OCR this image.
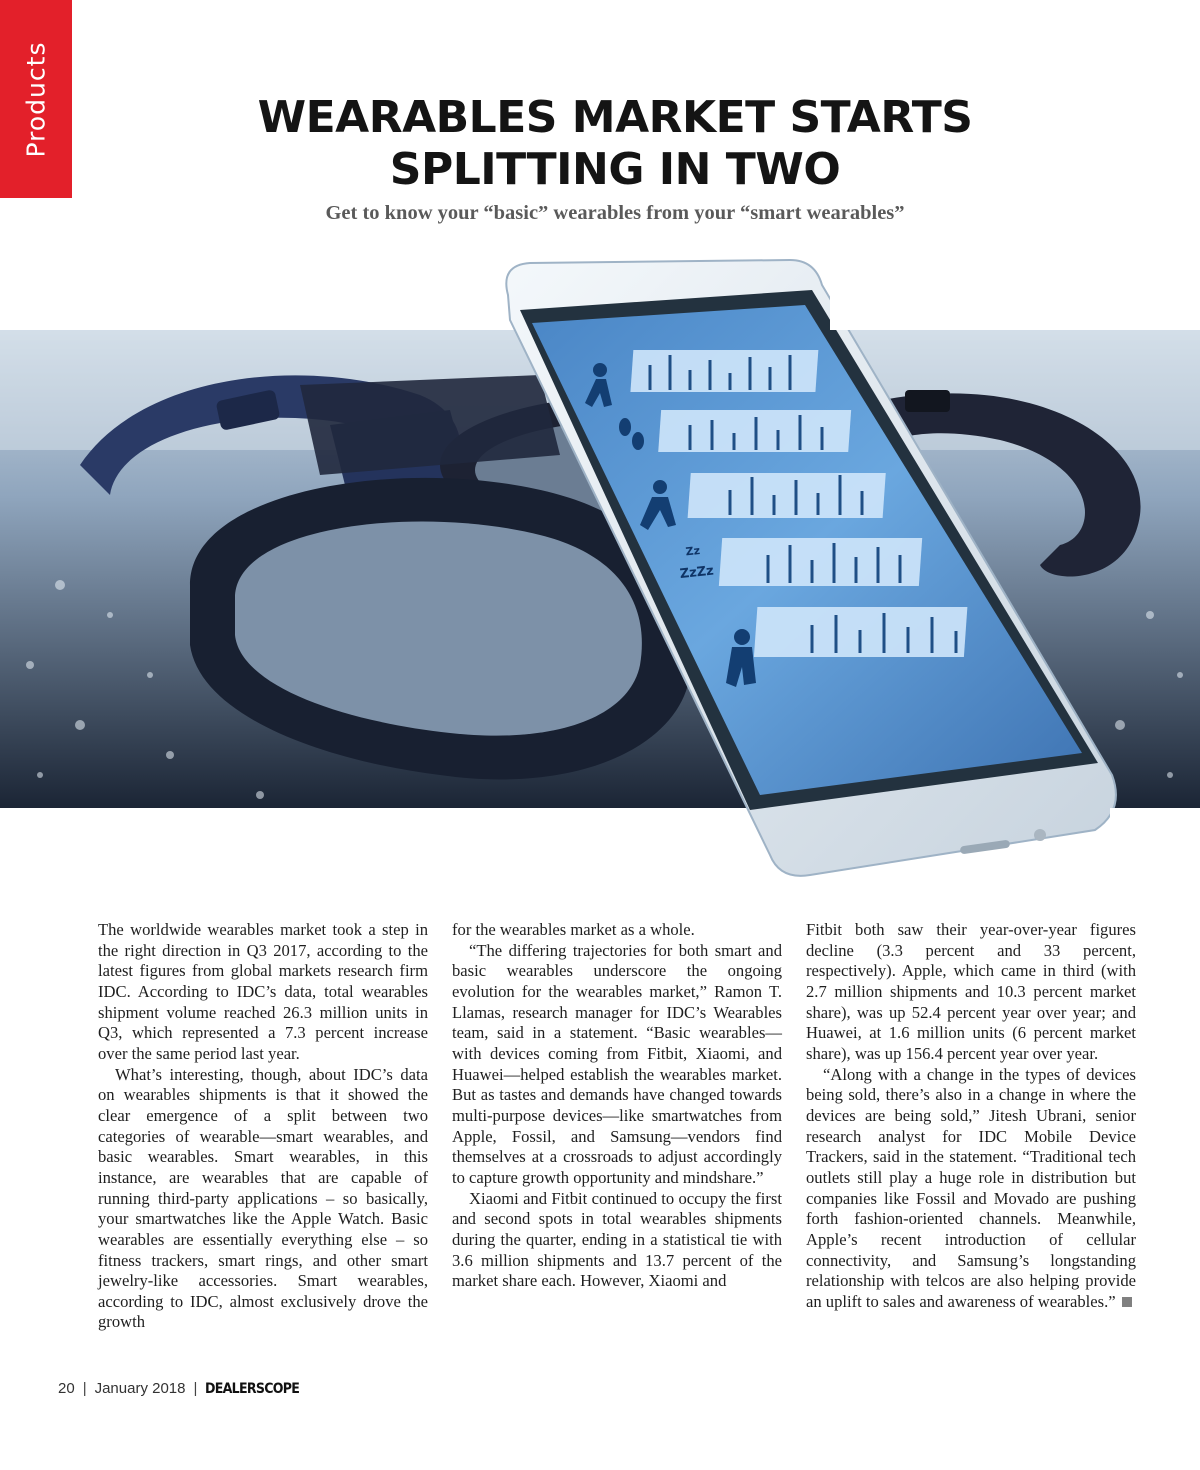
Products	WEARABLES MARKET STARTS
SPLITTING IN TWO

Get to know your “basic” wearables from your “smart wearables”

ZzZz
Zz

The worldwide wearables market took a step in the right direction in Q3 2017, according to the latest figures from global markets research firm IDC. According to IDC’s data, total wearables shipment volume reached 26.3 million units in Q3, which represented a 7.3 percent increase over the same period last year.

What’s interesting, though, about IDC’s data on wearables shipments is that it showed the clear emergence of a split between two categories of wearable—smart wearables, and basic wearables. Smart wearables, in this instance, are wearables that are capable of running third-party applications – so basically, your smartwatches like the Apple Watch. Basic wearables are essentially everything else – so fitness trackers, smart rings, and other smart jewelry-like accessories. Smart wearables, according to IDC, almost exclusively drove the growth

for the wearables market as a whole.

“The differing trajectories for both smart and basic wearables underscore the ongoing evolution for the wearables market,” Ramon T. Llamas, research manager for IDC’s Wearables team, said in a statement. “Basic wearables—with devices coming from Fitbit, Xiaomi, and Huawei—helped establish the wearables market. But as tastes and demands have changed towards multi-purpose devices—like smartwatches from Apple, Fossil, and Samsung—vendors find themselves at a crossroads to adjust accordingly to capture growth opportunity and mindshare.”

Xiaomi and Fitbit continued to occupy the first and second spots in total wearables shipments during the quarter, ending in a statistical tie with 3.6 million shipments and 13.7 percent of the market share each. However, Xiaomi and

Fitbit both saw their year-over-year figures decline (3.3 percent and 33 percent, respectively). Apple, which came in third (with 2.7 million shipments and 10.3 percent market share), was up 52.4 percent year over year; and Huawei, at 1.6 million units (6 percent market share), was up 156.4 percent year over year.

“Along with a change in the types of devices being sold, there’s also in a change in where the devices are being sold,” Jitesh Ubrani, senior research analyst for IDC Mobile Device Trackers, said in the statement. “Traditional tech outlets still play a huge role in distribution but companies like Fossil and Movado are pushing forth fashion-oriented channels. Meanwhile, Apple’s recent introduction of cellular connectivity, and Samsung’s longstanding relationship with telcos are also helping provide an uplift to sales and awareness of wearables.”

20 | January 2018 | DEALERSCOPE
